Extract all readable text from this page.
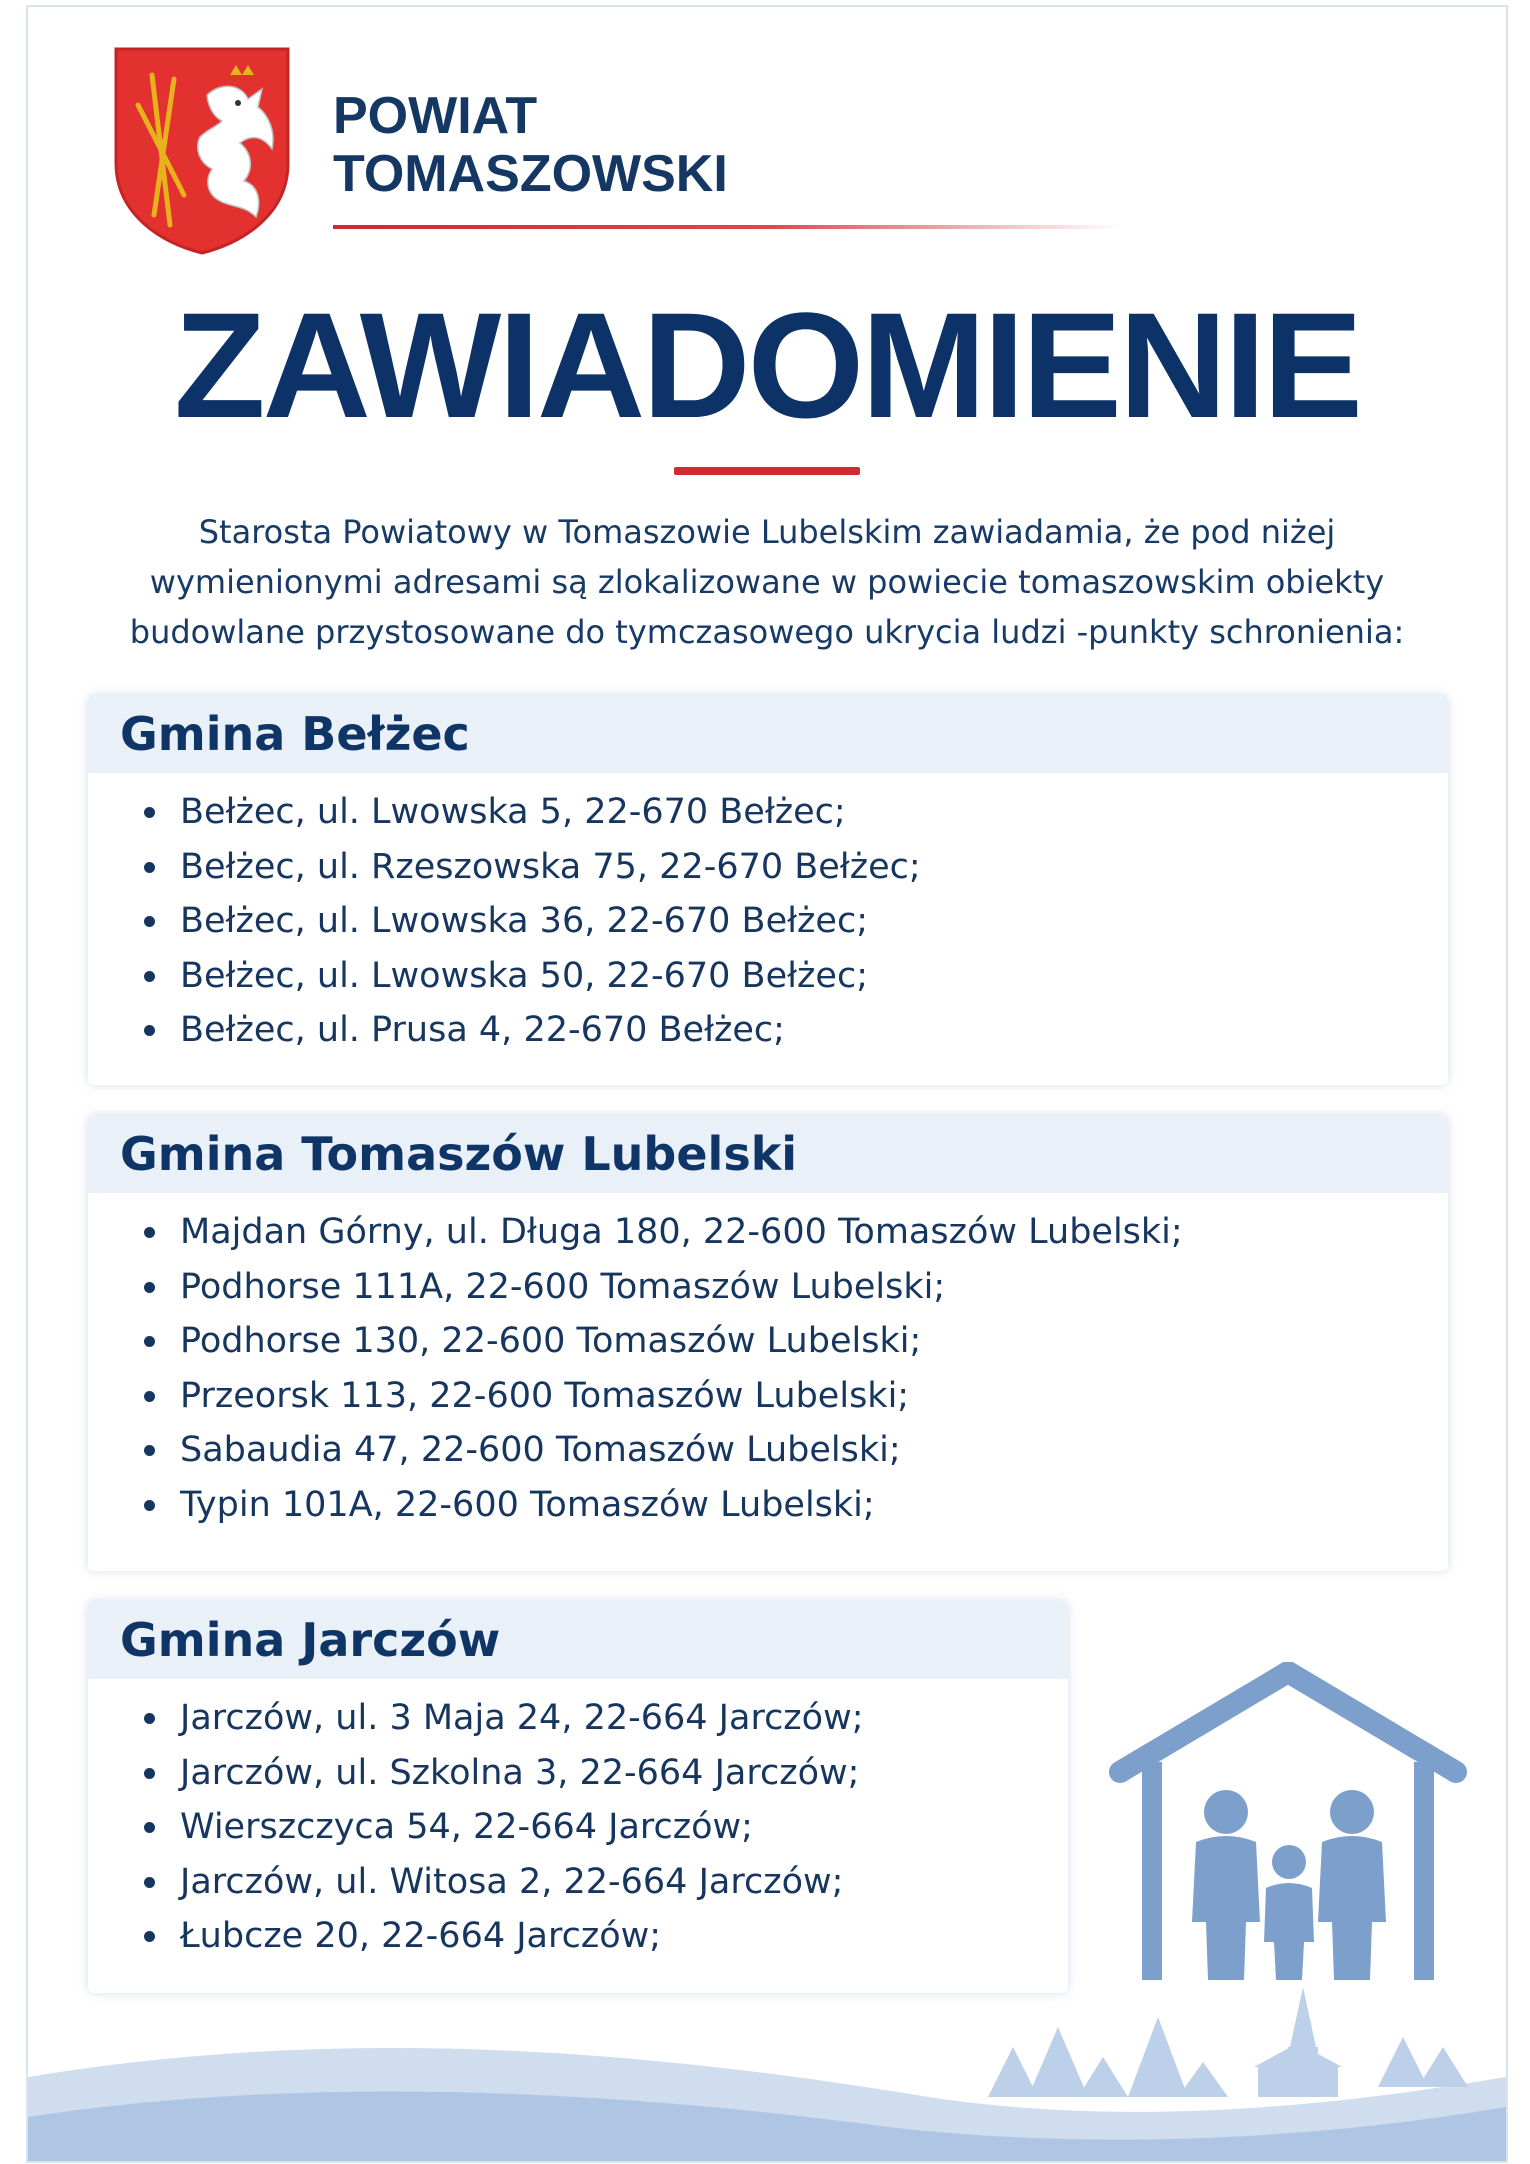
POWIAT
TOMASZOWSKI
ZAWIADOMIENIE
Starosta Powiatowy w Tomaszowie Lubelskim zawiadamia, że pod niżej wymienionymi adresami są zlokalizowane w powiecie tomaszowskim obiekty budowlane przystosowane do tymczasowego ukrycia ludzi -punkty schronienia:
Gmina Bełżec
Bełżec, ul. Lwowska 5, 22-670 Bełżec;
Bełżec, ul. Rzeszowska 75, 22-670 Bełżec;
Bełżec, ul. Lwowska 36, 22-670 Bełżec;
Bełżec, ul. Lwowska 50, 22-670 Bełżec;
Bełżec, ul. Prusa 4, 22-670 Bełżec;
Gmina Tomaszów Lubelski
Majdan Górny, ul. Długa 180, 22-600 Tomaszów Lubelski;
Podhorse 111A, 22-600 Tomaszów Lubelski;
Podhorse 130, 22-600 Tomaszów Lubelski;
Przeorsk 113, 22-600 Tomaszów Lubelski;
Sabaudia 47, 22-600 Tomaszów Lubelski;
Typin 101A, 22-600 Tomaszów Lubelski;
Gmina Jarczów
Jarczów, ul. 3 Maja 24, 22-664 Jarczów;
Jarczów, ul. Szkolna 3, 22-664 Jarczów;
Wierszczyca 54, 22-664 Jarczów;
Jarczów, ul. Witosa 2, 22-664 Jarczów;
Łubcze 20, 22-664 Jarczów;
